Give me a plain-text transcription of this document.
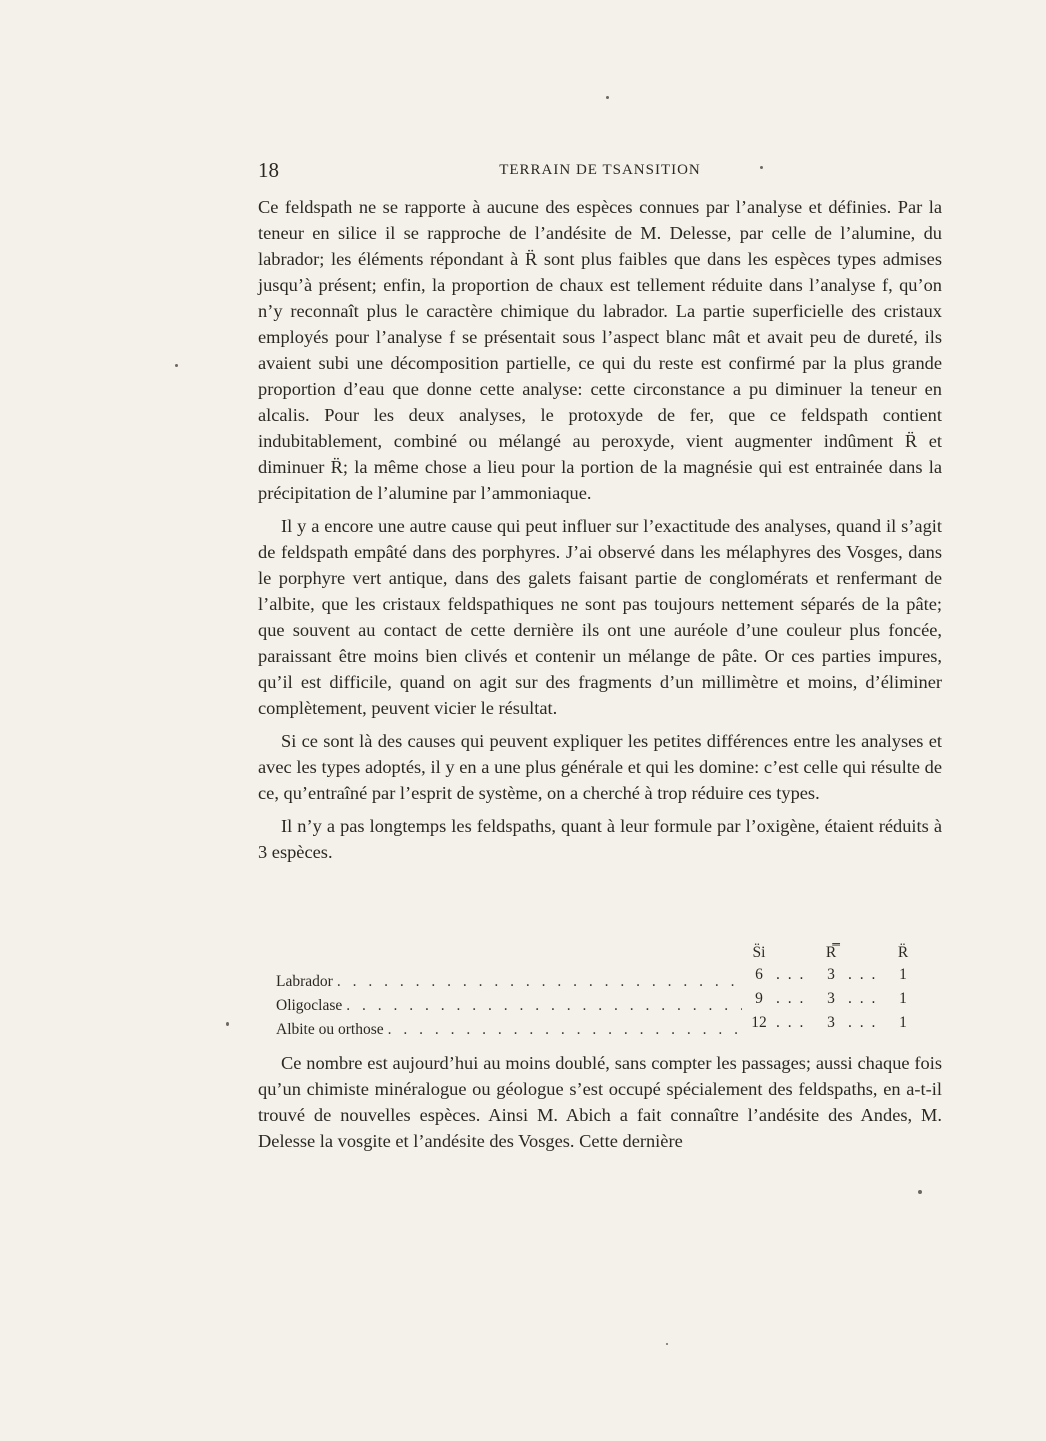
18	TERRAIN DE TSANSITION

Ce feldspath ne se rapporte à aucune des espèces connues par l’analyse et définies. Par la teneur en silice il se rapproche de l’andésite de M. Delesse, par celle de l’alumine, du labrador; les éléments répondant à R̈ sont plus faibles que dans les espèces types admises jusqu’à présent; enfin, la proportion de chaux est tellement réduite dans l’analyse f, qu’on n’y reconnaît plus le caractère chimique du labrador. La partie superficielle des cristaux employés pour l’analyse f se présentait sous l’aspect blanc mât et avait peu de dureté, ils avaient subi une décomposition partielle, ce qui du reste est confirmé par la plus grande proportion d’eau que donne cette analyse: cette circonstance a pu diminuer la teneur en alcalis. Pour les deux analyses, le protoxyde de fer, que ce feldspath contient indubitablement, combiné ou mélangé au peroxyde, vient augmenter indûment R̈ et diminuer R̈; la même chose a lieu pour la portion de la magnésie qui est entrainée dans la précipitation de l’alumine par l’ammoniaque.

Il y a encore une autre cause qui peut influer sur l’exactitude des analyses, quand il s’agit de feldspath empâté dans des porphyres. J’ai observé dans les mélaphyres des Vosges, dans le porphyre vert antique, dans des galets faisant partie de conglomérats et renfermant de l’albite, que les cristaux feldspathiques ne sont pas toujours nettement séparés de la pâte; que souvent au contact de cette dernière ils ont une auréole d’une couleur plus foncée, paraissant être moins bien clivés et contenir un mélange de pâte. Or ces parties impures, qu’il est difficile, quand on agit sur des fragments d’un millimètre et moins, d’éliminer complètement, peuvent vicier le résultat.

Si ce sont là des causes qui peuvent expliquer les petites différences entre les analyses et avec les types adoptés, il y en a une plus générale et qui les domine: c’est celle qui résulte de ce, qu’entraîné par l’esprit de système, on a cherché à trop réduire ces types.

Il n’y a pas longtemps les feldspaths, quant à leur formule par l’oxigène, étaient réduits à 3 espèces.

S̈i	R̿	R̈
Labrador . . .	6 . . .	3 . . .	1
Oligoclase . . .	9 . . .	3 . . .	1
Albite ou orthose . . .	12 . . .	3 . . .	1

Ce nombre est aujourd’hui au moins doublé, sans compter les passages; aussi chaque fois qu’un chimiste minéralogue ou géologue s’est occupé spécialement des feldspaths, en a-t-il trouvé de nouvelles espèces. Ainsi M. Abich a fait connaître l’andésite des Andes, M. Delesse la vosgite et l’andésite des Vosges. Cette dernière
